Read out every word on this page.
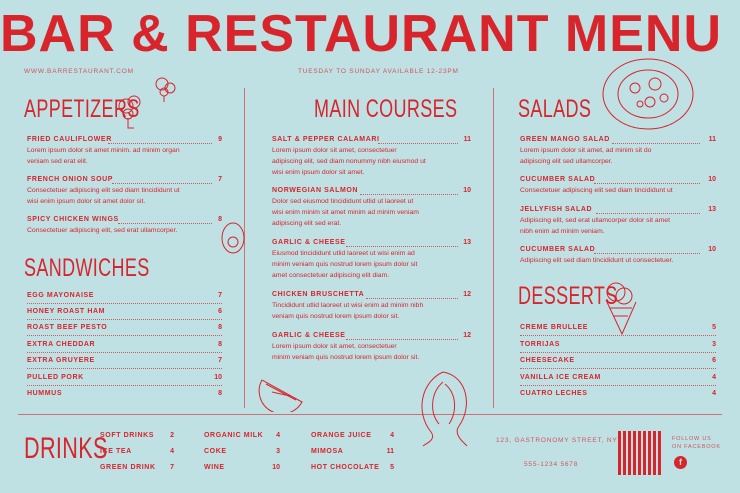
BAR & RESTAURANT MENU
WWW.BARRESTAURANT.COM	TUESDAY TO SUNDAY AVAILABLE 12-23PM
APPETIZERS
FRIED CAULIFLOWER	9
Lorem ipsum dolor sit amet minim. ad minim organ
veniam sed erat elit.
FRENCH ONION SOUP	7
Consectetuer adipiscing elit sed diam tincididunt ut
wisi enim ipsum dolor sit amet dolor sit.
SPICY CHICKEN WINGS	8
Consectetuer adipiscing elit, sed erat ullamcorper.
SANDWICHES
EGG MAYONAISE	7
HONEY ROAST HAM	6
ROAST BEEF PESTO	8
EXTRA CHEDDAR	8
EXTRA GRUYERE	7
PULLED PORK	10
HUMMUS	8
MAIN COURSES
SALT & PEPPER CALAMARI	11
Lorem ipsum dolor sit amet, consectetuer
adipiscing elit, sed diam nonummy nibh eiusmod ut
wisi enim ipsum dolor sit amet.
NORWEGIAN SALMON	10
Dolor sed eiusmod tincididunt utlid ut laoreet ut
wisi enim minim sit amet minim ad minim veniam
adipiscing elit sed erat.
GARLIC & CHEESE	13
Eiusmod tincididunt utlid laoreet ut wisi enim ad
minim veniam quis nostrud lorem ipsum dolor sit
amet consectetuer adipiscing elit diam.
CHICKEN BRUSCHETTA	12
Tincididunt utlid laoreet ut wisi enim ad minim nibh
veniam quis nostrud lorem ipsum dolor sit.
GARLIC & CHEESE	12
Lorem ipsum dolor sit amet, consectetuer
minim veniam quis nostrud lorem ipsum dolor sit.
SALADS
GREEN MANGO SALAD	11
Lorem ipsum dolor sit amet, ad minim sit do
adipiscing elit sed ullamcorper.
CUCUMBER SALAD	10
Consectetuer adipiscing elit sed diam tincididunt ut
JELLYFISH SALAD	13
Adipiscing elit, sed erat ullamcorper dolor sit amet
nibh enim ad minim veniam.
CUCUMBER SALAD	10
Adipiscing elit sed diam tincididunt ut consectetuer.
DESSERTS
CREME BRULLEE	5
TORRIJAS	3
CHEESECAKE	6
VANILLA ICE CREAM	4
CUATRO LECHES	4
DRINKS
SOFT DRINKS	2
ICE TEA	4
GREEN DRINK	7
ORGANIC MILK	4
COKE	3
WINE	10
ORANGE JUICE	4
MIMOSA	11
HOT CHOCOLATE	5
123, GASTRONOMY STREET, NY
555-1234 5678
FOLLOW US
ON FACEBOOK
f
